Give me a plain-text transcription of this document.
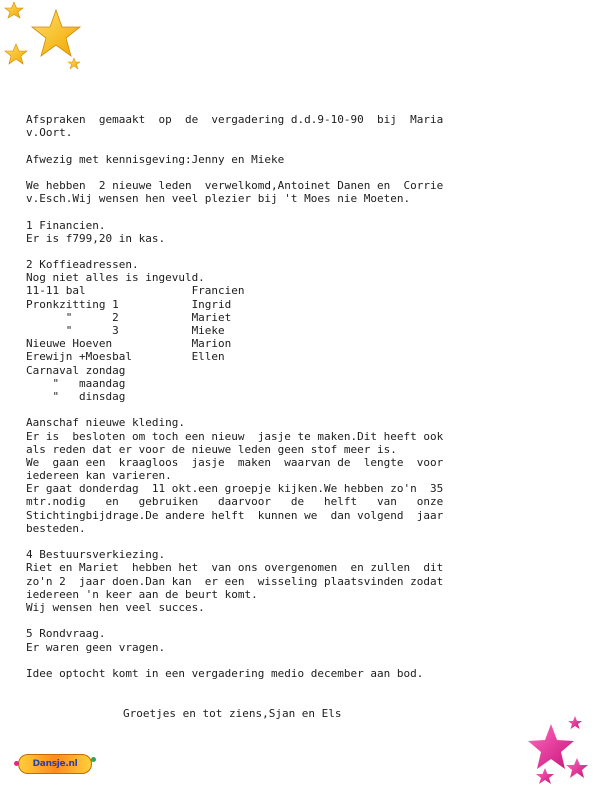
Dansje.nl
Afspraken  gemaakt  op  de  vergadering d.d.9-10-90  bij  Maria
v.Oort.
Afwezig met kennisgeving:Jenny en Mieke
We hebben  2 nieuwe leden  verwelkomd,Antoinet Danen en  Corrie
v.Esch.Wij wensen hen veel plezier bij 't Moes nie Moeten.
1 Financien.
Er is f799,20 in kas.
2 Koffieadressen.
Nog niet alles is ingevuld.
11-11 bal                Francien
Pronkzitting 1           Ingrid
"      2           Mariet
"      3           Mieke
Nieuwe Hoeven            Marion
Erewijn +Moesbal         Ellen
Carnaval zondag
"   maandag
"   dinsdag
Aanschaf nieuwe kleding.
Er is  besloten om toch een nieuw  jasje te maken.Dit heeft ook
als reden dat er voor de nieuwe leden geen stof meer is.
We  gaan een  kraagloos  jasje  maken  waarvan de  lengte  voor
iedereen kan varieren.
Er gaat donderdag  11 okt.een groepje kijken.We hebben zo'n  35
mtr.nodig   en   gebruiken   daarvoor   de   helft   van   onze
Stichtingbijdrage.De andere helft  kunnen we  dan volgend  jaar
besteden.
4 Bestuursverkiezing.
Riet en Mariet  hebben het  van ons overgenomen  en zullen  dit
zo'n 2  jaar doen.Dan kan  er een  wisseling plaatsvinden zodat
iedereen 'n keer aan de beurt komt.
Wij wensen hen veel succes.
5 Rondvraag.
Er waren geen vragen.
Idee optocht komt in een vergadering medio december aan bod.
Groetjes en tot ziens,Sjan en Els
